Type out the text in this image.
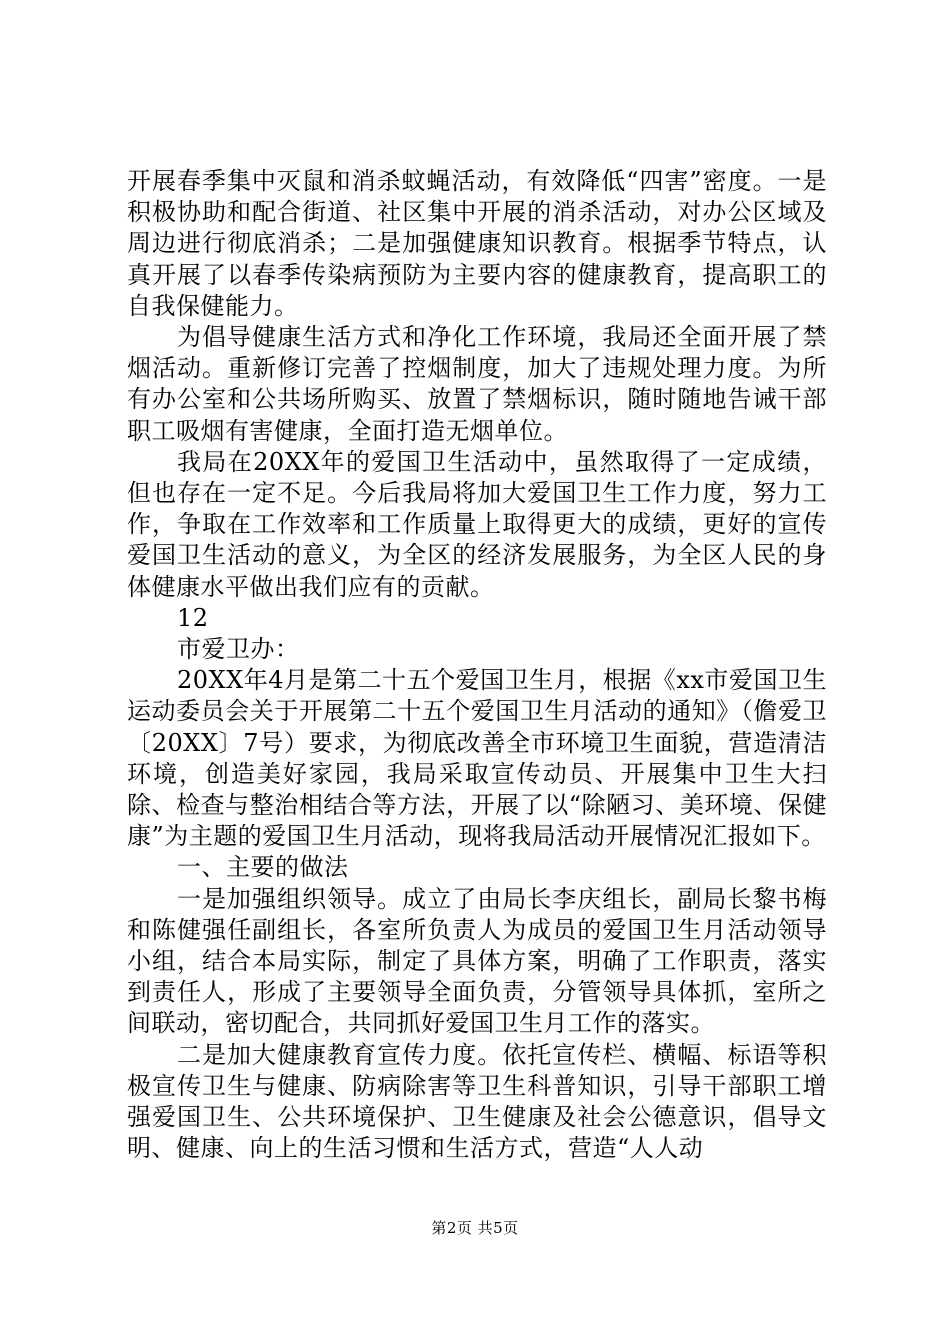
开展春季集中灭鼠和消杀蚊蝇活动，有效降低“四害”密度。一是积极协助和配合街道、社区集中开展的消杀活动，对办公区域及周边进行彻底消杀；二是加强健康知识教育。根据季节特点，认真开展了以春季传染病预防为主要内容的健康教育，提高职工的自我保健能力。

为倡导健康生活方式和净化工作环境，我局还全面开展了禁烟活动。重新修订完善了控烟制度，加大了违规处理力度。为所有办公室和公共场所购买、放置了禁烟标识，随时随地告诫干部职工吸烟有害健康，全面打造无烟单位。

我局在20XX年的爱国卫生活动中，虽然取得了一定成绩，但也存在一定不足。今后我局将加大爱国卫生工作力度，努力工作，争取在工作效率和工作质量上取得更大的成绩，更好的宣传爱国卫生活动的意义，为全区的经济发展服务，为全区人民的身体健康水平做出我们应有的贡献。

12

市爱卫办：

20XX年4月是第二十五个爱国卫生月，根据《xx市爱国卫生运动委员会关于开展第二十五个爱国卫生月活动的通知》（儋爱卫〔20XX〕7号）要求，为彻底改善全市环境卫生面貌，营造清洁环境，创造美好家园，我局采取宣传动员、开展集中卫生大扫除、检查与整治相结合等方法，开展了以“除陋习、美环境、保健康”为主题的爱国卫生月活动，现将我局活动开展情况汇报如下。

一、主要的做法

一是加强组织领导。成立了由局长李庆组长，副局长黎书梅和陈健强任副组长，各室所负责人为成员的爱国卫生月活动领导小组，结合本局实际，制定了具体方案，明确了工作职责，落实到责任人，形成了主要领导全面负责，分管领导具体抓，室所之间联动，密切配合，共同抓好爱国卫生月工作的落实。

二是加大健康教育宣传力度。依托宣传栏、横幅、标语等积极宣传卫生与健康、防病除害等卫生科普知识，引导干部职工增强爱国卫生、公共环境保护、卫生健康及社会公德意识，倡导文明、健康、向上的生活习惯和生活方式，营造“人人动

第2页 共5页
